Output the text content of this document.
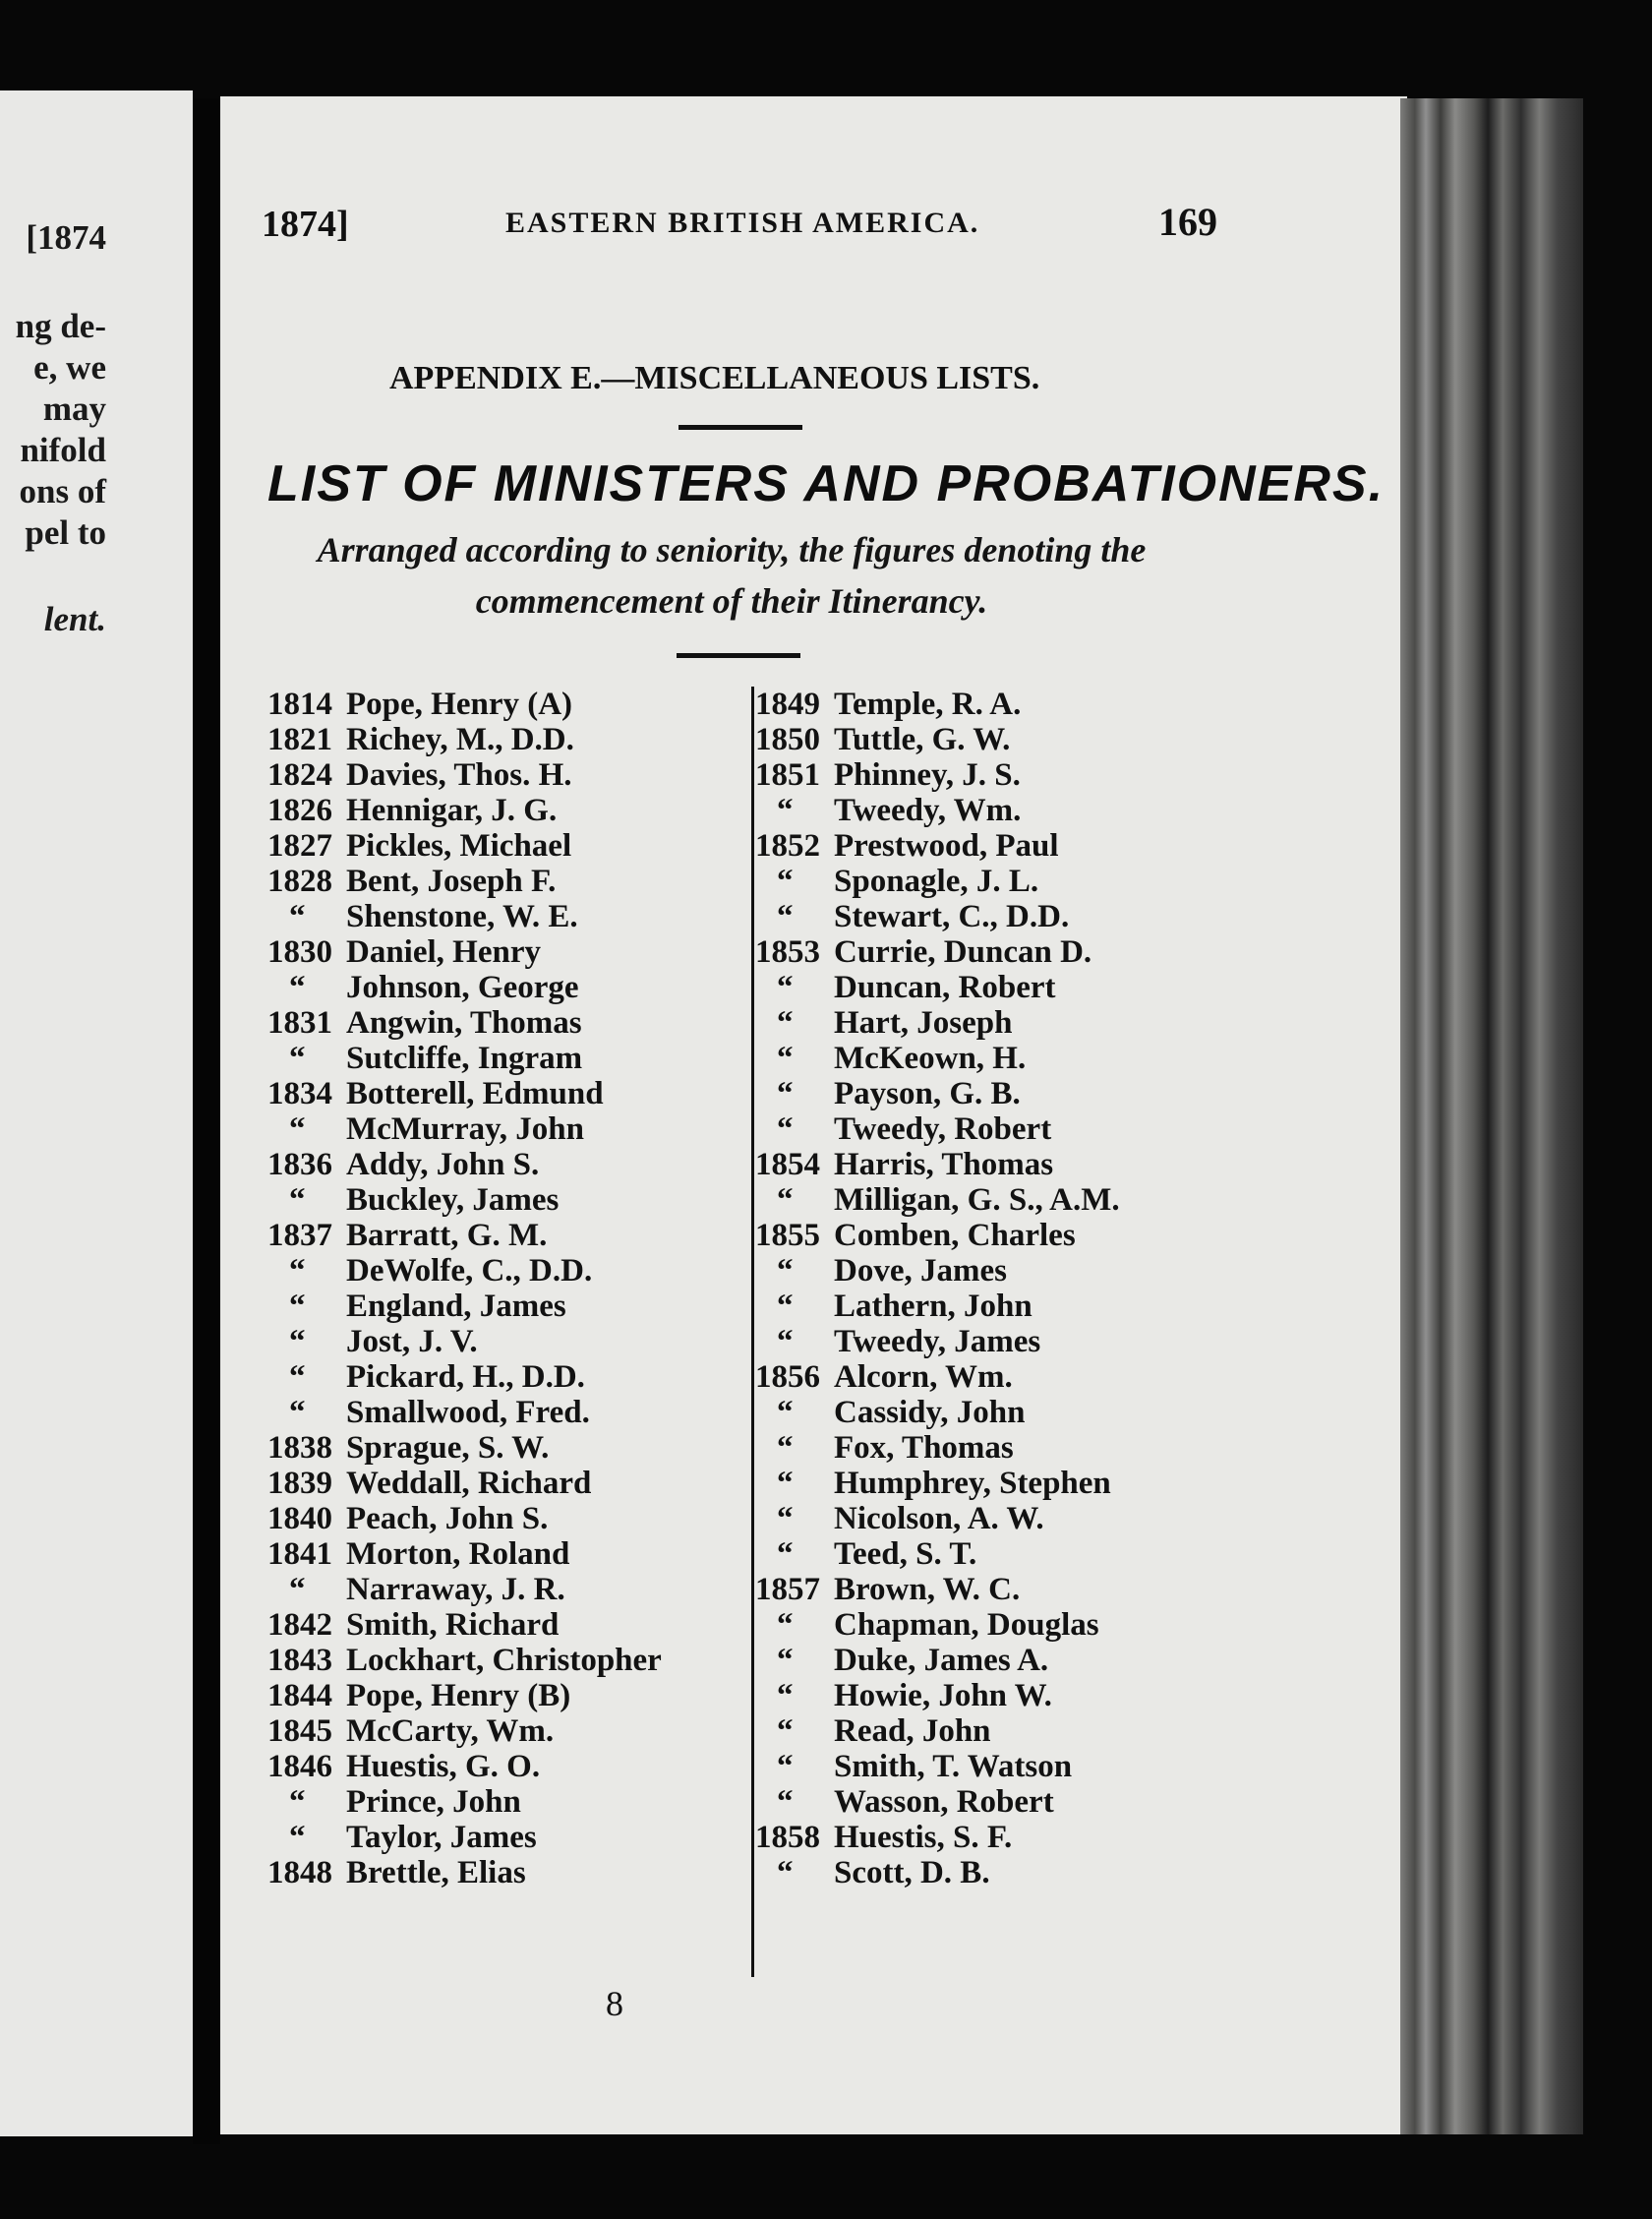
[1874
ng de-
e, we
may
nifold
ons of
pel to
lent.
1874]	EASTERN BRITISH AMERICA.	169
APPENDIX E.—MISCELLANEOUS LISTS.
LIST OF MINISTERS AND PROBATIONERS.
Arranged according to seniority, the figures denoting the
commencement of their Itinerancy.
1814 Pope, Henry (A)
1821 Richey, M., D.D.
1824 Davies, Thos. H.
1826 Hennigar, J. G.
1827 Pickles, Michael
1828 Bent, Joseph F.
“	Shenstone, W. E.
1830 Daniel, Henry
“	Johnson, George
1831 Angwin, Thomas
“	Sutcliffe, Ingram
1834 Botterell, Edmund
“	McMurray, John
1836 Addy, John S.
“	Buckley, James
1837 Barratt, G. M.
“	DeWolfe, C., D.D.
“	England, James
“	Jost, J. V.
“	Pickard, H., D.D.
“	Smallwood, Fred.
1838 Sprague, S. W.
1839 Weddall, Richard
1840 Peach, John S.
1841 Morton, Roland
“	Narraway, J. R.
1842 Smith, Richard
1843 Lockhart, Christopher
1844 Pope, Henry (B)
1845 McCarty, Wm.
1846 Huestis, G. O.
“	Prince, John
“	Taylor, James
1848 Brettle, Elias
1849 Temple, R. A.
1850 Tuttle, G. W.
1851 Phinney, J. S.
“	Tweedy, Wm.
1852 Prestwood, Paul
“	Sponagle, J. L.
“	Stewart, C., D.D.
1853 Currie, Duncan D.
“	Duncan, Robert
“	Hart, Joseph
“	McKeown, H.
“	Payson, G. B.
“	Tweedy, Robert
1854 Harris, Thomas
“	Milligan, G. S., A.M.
1855 Comben, Charles
“	Dove, James
“	Lathern, John
“	Tweedy, James
1856 Alcorn, Wm.
“	Cassidy, John
“	Fox, Thomas
“	Humphrey, Stephen
“	Nicolson, A. W.
“	Teed, S. T.
1857 Brown, W. C.
“	Chapman, Douglas
“	Duke, James A.
“	Howie, John W.
“	Read, John
“	Smith, T. Watson
“	Wasson, Robert
1858 Huestis, S. F.
“	Scott, D. B.
8
